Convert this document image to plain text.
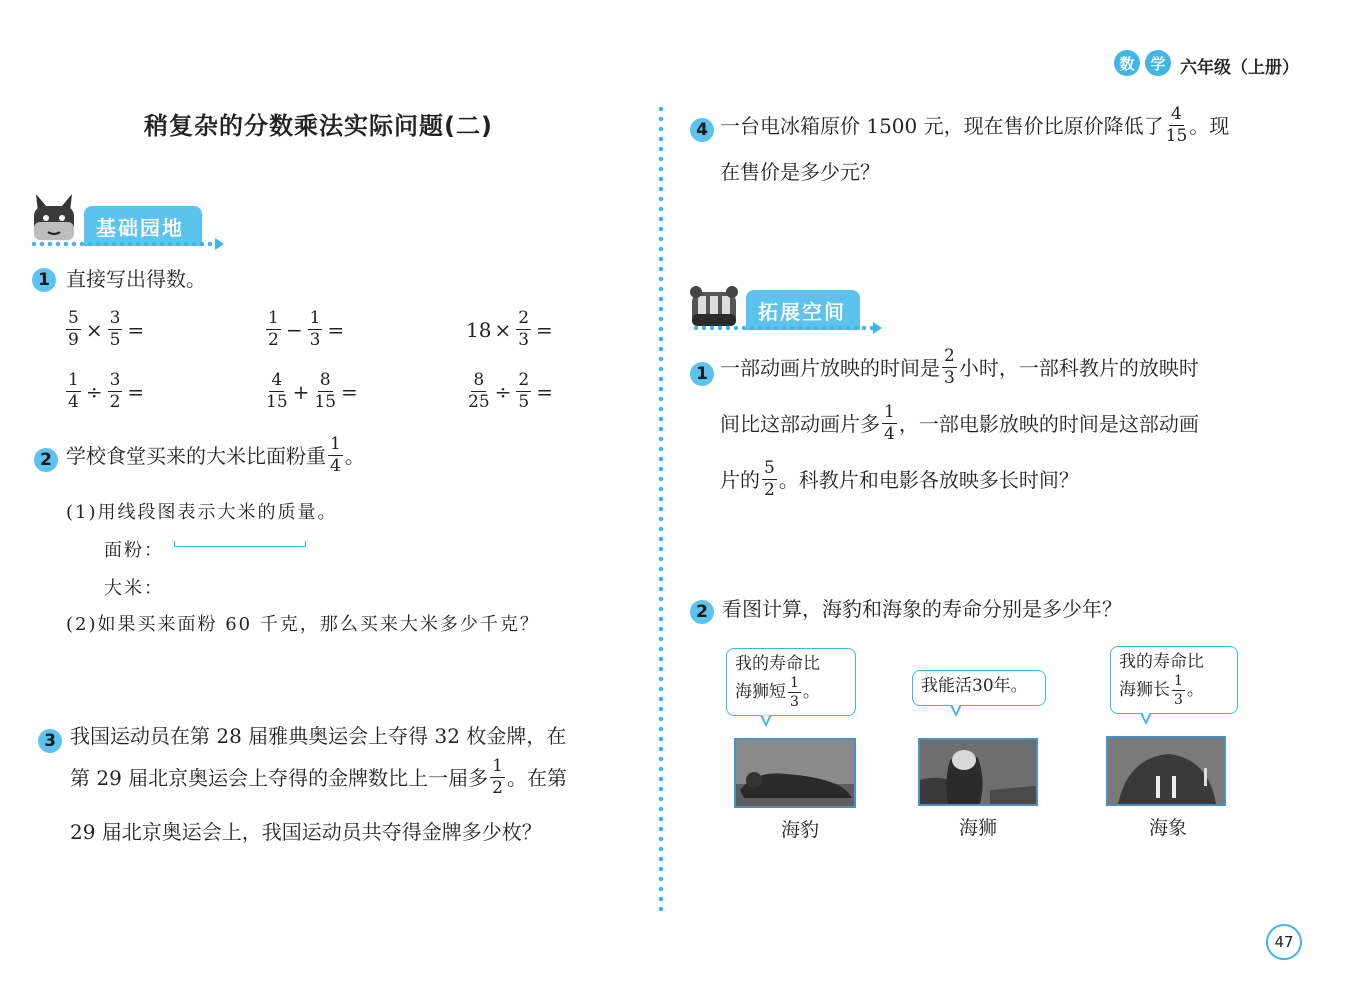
数	学 六年级（上册）
稍复杂的分数乘法实际问题(二)
基础园地
1 直接写出得数。
$\frac{5}{9} \times \frac{3}{5}$ =	$\frac{1}{2} - \frac{1}{3}$ =	$18 \times \frac{2}{3}$ =
$\frac{1}{4} \div \frac{3}{2}$ =	$\frac{4}{15} + \frac{8}{15}$ =	$\frac{8}{25} \div \frac{2}{5}$ =
2 学校食堂买来的大米比面粉重 $\frac{1}{4}$ 。
(1)用线段图表示大米的质量。
面粉：
大米：
(2)如果买来面粉 60 千克，那么买来大米多少千克？
3 我国运动员在第 28 届雅典奥运会上夺得 32 枚金牌，在
第 29 届北京奥运会上夺得的金牌数比上一届多 $\frac{1}{2}$ 。在第
29 届北京奥运会上，我国运动员共夺得金牌多少枚？
4 一台电冰箱原价 1500 元，现在售价比原价降低了 $\frac{4}{15}$ 。现
在售价是多少元？
拓展空间
1 一部动画片放映的时间是 $\frac{2}{3}$ 小时，一部科教片的放映时
间比这部动画片多 $\frac{1}{4}$ ，一部电影放映的时间是这部动画
片的 $\frac{5}{2}$ 。科教片和电影各放映多长时间？
2 看图计算，海豹和海象的寿命分别是多少年？
我的寿命比
海狮短 $\frac{1}{3}$ 。	我能活30年。
我的寿命比
海狮长 $\frac{1}{3}$ 。
海豹	海狮	海象
47
